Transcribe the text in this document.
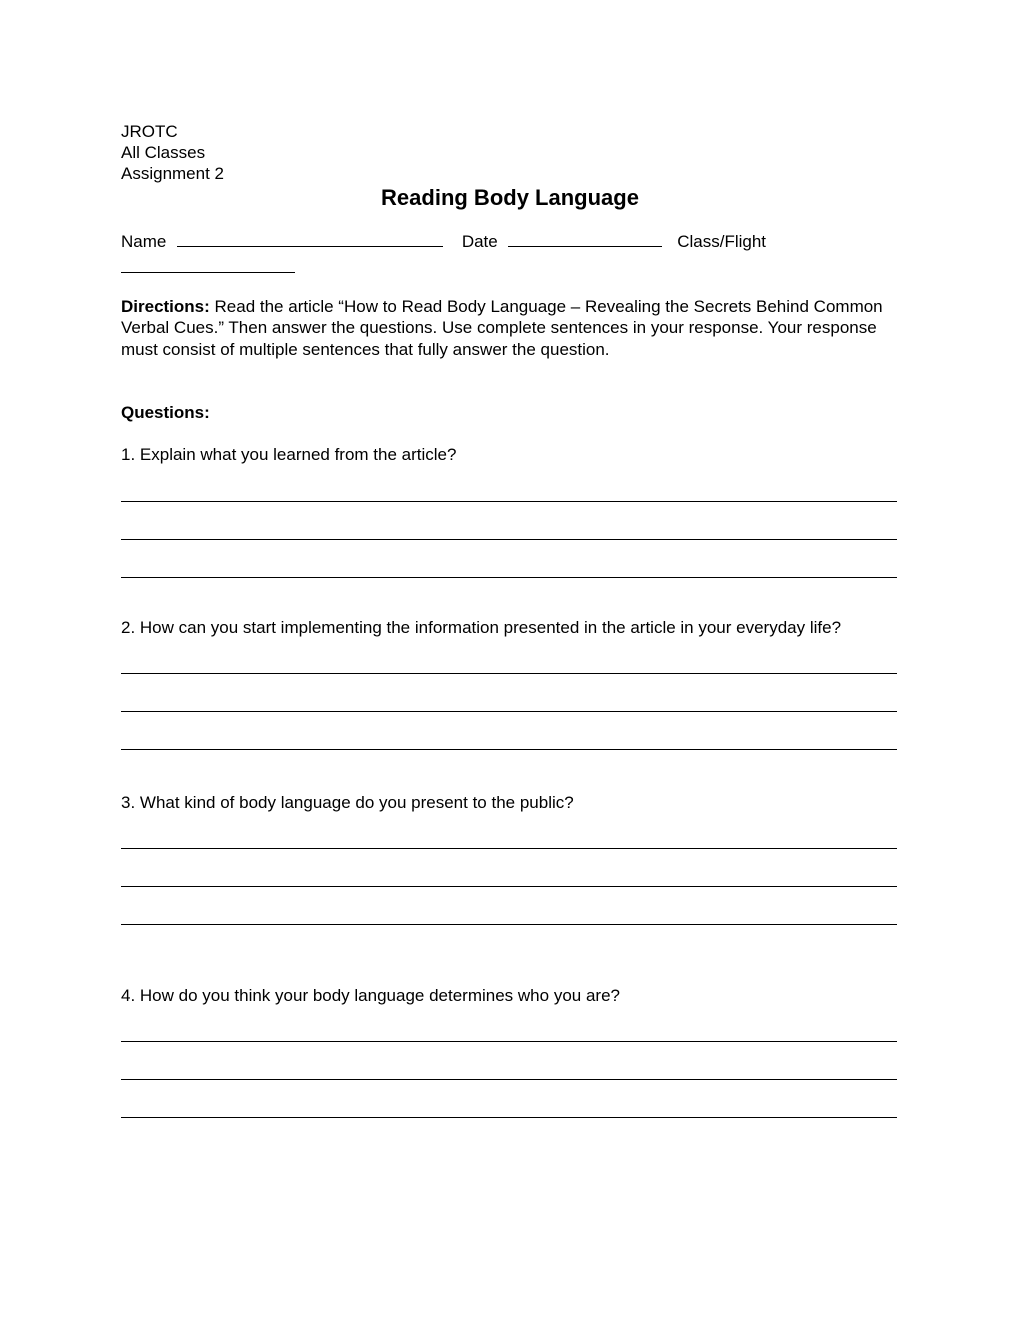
JROTC

All Classes

Assignment 2

Reading Body Language
Name	Date	Class/Flight
Directions: Read the article “How to Read Body Language – Revealing the Secrets Behind Common Verbal Cues.” Then answer the questions. Use complete sentences in your response. Your response must consist of multiple sentences that fully answer the question.
Questions:
1. Explain what you learned from the article?
2. How can you start implementing the information presented in the article in your everyday life?
3. What kind of body language do you present to the public?
4. How do you think your body language determines who you are?
